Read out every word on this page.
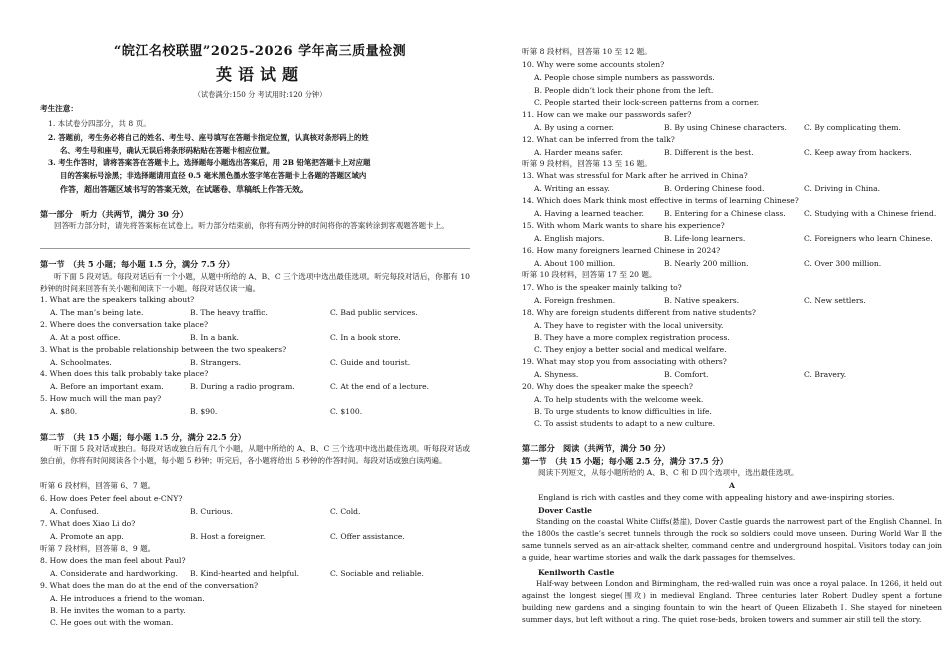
“皖江名校联盟”2025-2026 学年高三质量检测
英语试题
（试卷满分:150 分 考试用时:120 分钟）
考生注意：
1. 本试卷分四部分，共 8 页。
2. 答题前，考生务必将自己的姓名、考生号、座号填写在答题卡指定位置，认真核对条形码上的姓
名、考生号和座号，确认无误后将条形码粘贴在答题卡相应位置。
3. 考生作答时，请将答案答在答题卡上。选择题每小题选出答案后，用 2B 铅笔把答题卡上对应题
目的答案标号涂黑；非选择题请用直径 0.5 毫米黑色墨水签字笔在答题卡上各题的答题区域内
作答，超出答题区域书写的答案无效，在试题卷、草稿纸上作答无效。
第一部分　听力（共两节，满分 30 分）
回答听力部分时，请先将答案标在试卷上。听力部分结束前，你将有两分钟的时间将你的答案转涂到客观题答题卡上。
第一节　（共 5 小题；每小题 1.5 分，满分 7.5 分）
听下面 5 段对话。每段对话后有一个小题，从题中所给的 A、B、C 三个选项中选出最佳选项。听完每段对话后，你都有 10 秒钟的时间来回答有关小题和阅读下一小题。每段对话仅读一遍。
1. What are the speakers talking about?
A. The man’s being late.	B. The heavy traffic.	C. Bad public services.
2. Where does the conversation take place?
A. At a post office.	B. In a bank.	C. In a book store.
3. What is the probable relationship between the two speakers?
A. Schoolmates.	B. Strangers.	C. Guide and tourist.
4. When does this talk probably take place?
A. Before an important exam.	B. During a radio program.	C. At the end of a lecture.
5. How much will the man pay?
A. $80.	B. $90.	C. $100.
第二节　（共 15 小题；每小题 1.5 分，满分 22.5 分）
听下面 5 段对话或独白。每段对话或独白后有几个小题，从题中所给的 A、B、C 三个选项中选出最佳选项。听每段对话或独白前，你将有时间阅读各个小题，每小题 5 秒钟；听完后，各小题将给出 5 秒钟的作答时间。每段对话或独白读两遍。
听第 6 段材料，回答第 6、7 题。
6. How does Peter feel about e-CNY?
A. Confused.	B. Curious.	C. Cold.
7. What does Xiao Li do?
A. Promote an app.	B. Host a foreigner.	C. Offer assistance.
听第 7 段材料，回答第 8、9 题。
8. How does the man feel about Paul?
A. Considerate and hardworking. B. Kind-hearted and helpful.	C. Sociable and reliable.
9. What does the man do at the end of the conversation?
A. He introduces a friend to the woman.
B. He invites the woman to a party.
C. He goes out with the woman.
听第 8 段材料，回答第 10 至 12 题。
10. Why were some accounts stolen?
A. People chose simple numbers as passwords.
B. People didn’t lock their phone from the left.
C. People started their lock-screen patterns from a corner.
11. How can we make our passwords safer?
A. By using a corner.	B. By using Chinese characters. C. By complicating them.
12. What can be inferred from the talk?
A. Harder means safer.	B. Different is the best.	C. Keep away from hackers.
听第 9 段材料，回答第 13 至 16 题。
13. What was stressful for Mark after he arrived in China?
A. Writing an essay.	B. Ordering Chinese food.	C. Driving in China.
14. Which does Mark think most effective in terms of learning Chinese?
A. Having a learned teacher.	B. Entering for a Chinese class. C. Studying with a Chinese friend.
15. With whom Mark wants to share his experience?
A. English majors.	B. Life-long learners.	C. Foreigners who learn Chinese.
16. How many foreigners learned Chinese in 2024?
A. About 100 million.	B. Nearly 200 million.	C. Over 300 million.
听第 10 段材料，回答第 17 至 20 题。
17. Who is the speaker mainly talking to?
A. Foreign freshmen.	B. Native speakers.	C. New settlers.
18. Why are foreign students different from native students?
A. They have to register with the local university.
B. They have a more complex registration process.
C. They enjoy a better social and medical welfare.
19. What may stop you from associating with others?
A. Shyness.	B. Comfort.	C. Bravery.
20. Why does the speaker make the speech?
A. To help students with the welcome week.
B. To urge students to know difficulties in life.
C. To assist students to adapt to a new culture.
第二部分　阅读（共两节，满分 50 分）
第一节　（共 15 小题；每小题 2.5 分，满分 37.5 分）
阅读下列短文，从每小题所给的 A、B、C 和 D 四个选项中，选出最佳选项。
A
England is rich with castles and they come with appealing history and awe-inspiring stories.
Dover Castle
Standing on the coastal White Cliffs(悬崖), Dover Castle guards the narrowest part of the English Channel. In the 1800s the castle’s secret tunnels through the rock so soldiers could move unseen. During World War Ⅱ the same tunnels served as an air-attack shelter, command centre and underground hospital. Visitors today can join a guide, hear wartime stories and walk the dark passages for themselves.
Kenilworth Castle
Half-way between London and Birmingham, the red-walled ruin was once a royal palace. In 1266, it held out against the longest siege(围攻) in medieval England. Three centuries later Robert Dudley spent a fortune building new gardens and a singing fountain to win the heart of Queen Elizabeth Ⅰ. She stayed for nineteen summer days, but left without a ring. The quiet rose-beds, broken towers and summer air still tell the story.
